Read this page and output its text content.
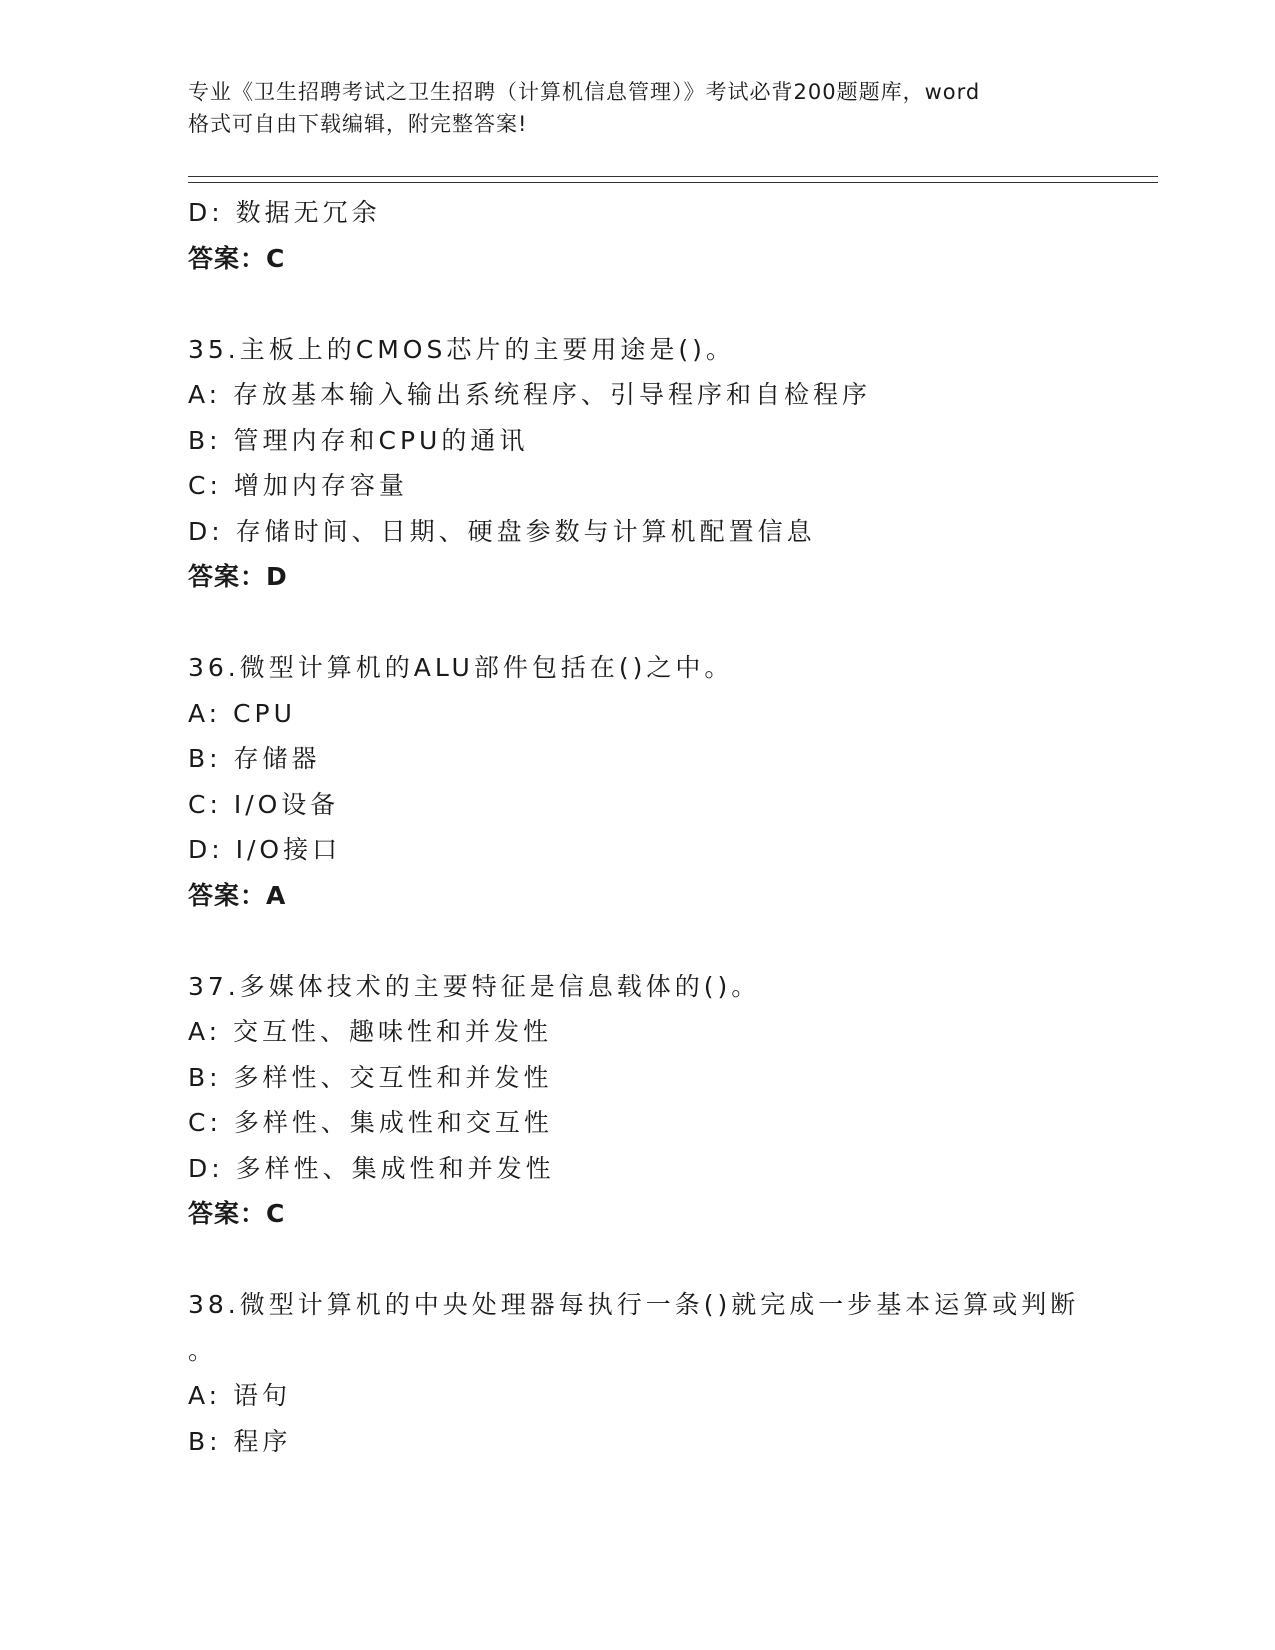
专业《卫生招聘考试之卫生招聘（计算机信息管理）》考试必背200题题库，word
格式可自由下载编辑，附完整答案!
D: 数据无冗余
答案：C
35.主板上的CMOS芯片的主要用途是()。
A: 存放基本输入输出系统程序、引导程序和自检程序
B: 管理内存和CPU的通讯
C: 增加内存容量
D: 存储时间、日期、硬盘参数与计算机配置信息
答案：D
36.微型计算机的ALU部件包括在()之中。
A: CPU
B: 存储器
C: I/O设备
D: I/O接口
答案：A
37.多媒体技术的主要特征是信息载体的()。
A: 交互性、趣味性和并发性
B: 多样性、交互性和并发性
C: 多样性、集成性和交互性
D: 多样性、集成性和并发性
答案：C
38.微型计算机的中央处理器每执行一条()就完成一步基本运算或判断
。
A: 语句
B: 程序
